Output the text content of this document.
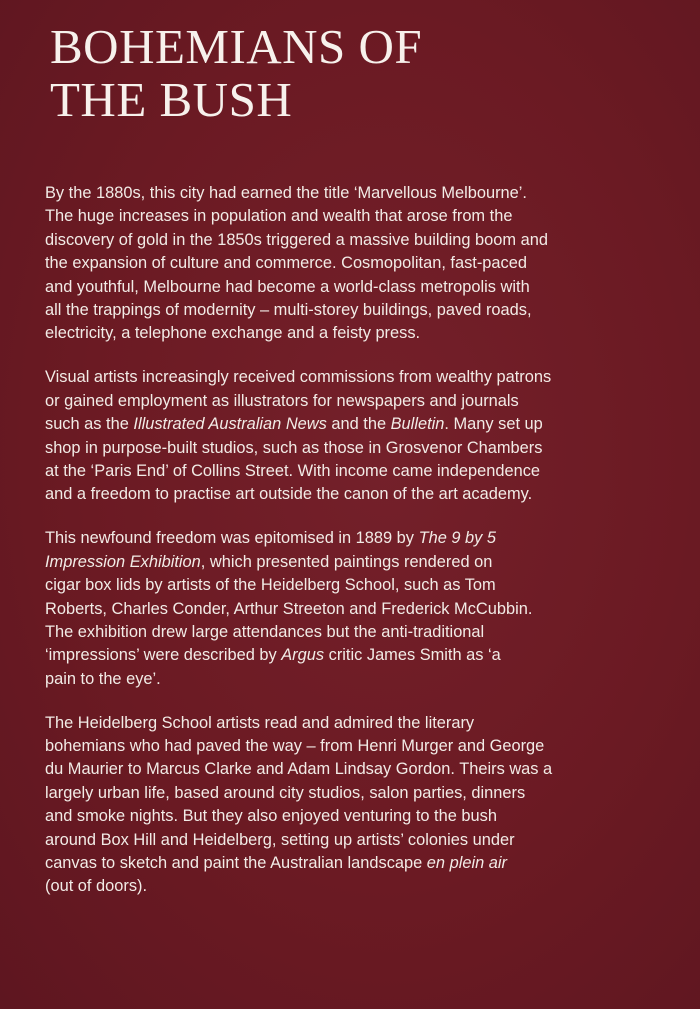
BOHEMIANS OF
THE BUSH

By the 1880s, this city had earned the title ‘Marvellous Melbourne’.
The huge increases in population and wealth that arose from the
discovery of gold in the 1850s triggered a massive building boom and
the expansion of culture and commerce. Cosmopolitan, fast-paced
and youthful, Melbourne had become a world-class metropolis with
all the trappings of modernity – multi-storey buildings, paved roads,
electricity, a telephone exchange and a feisty press.

Visual artists increasingly received commissions from wealthy patrons
or gained employment as illustrators for newspapers and journals
such as the Illustrated Australian News and the Bulletin. Many set up
shop in purpose-built studios, such as those in Grosvenor Chambers
at the ‘Paris End’ of Collins Street. With income came independence
and a freedom to practise art outside the canon of the art academy.

This newfound freedom was epitomised in 1889 by The 9 by 5
Impression Exhibition, which presented paintings rendered on
cigar box lids by artists of the Heidelberg School, such as Tom
Roberts, Charles Conder, Arthur Streeton and Frederick McCubbin.
The exhibition drew large attendances but the anti-traditional
‘impressions’ were described by Argus critic James Smith as ‘a
pain to the eye’.

The Heidelberg School artists read and admired the literary
bohemians who had paved the way – from Henri Murger and George
du Maurier to Marcus Clarke and Adam Lindsay Gordon. Theirs was a
largely urban life, based around city studios, salon parties, dinners
and smoke nights. But they also enjoyed venturing to the bush
around Box Hill and Heidelberg, setting up artists’ colonies under
canvas to sketch and paint the Australian landscape en plein air
(out of doors).
